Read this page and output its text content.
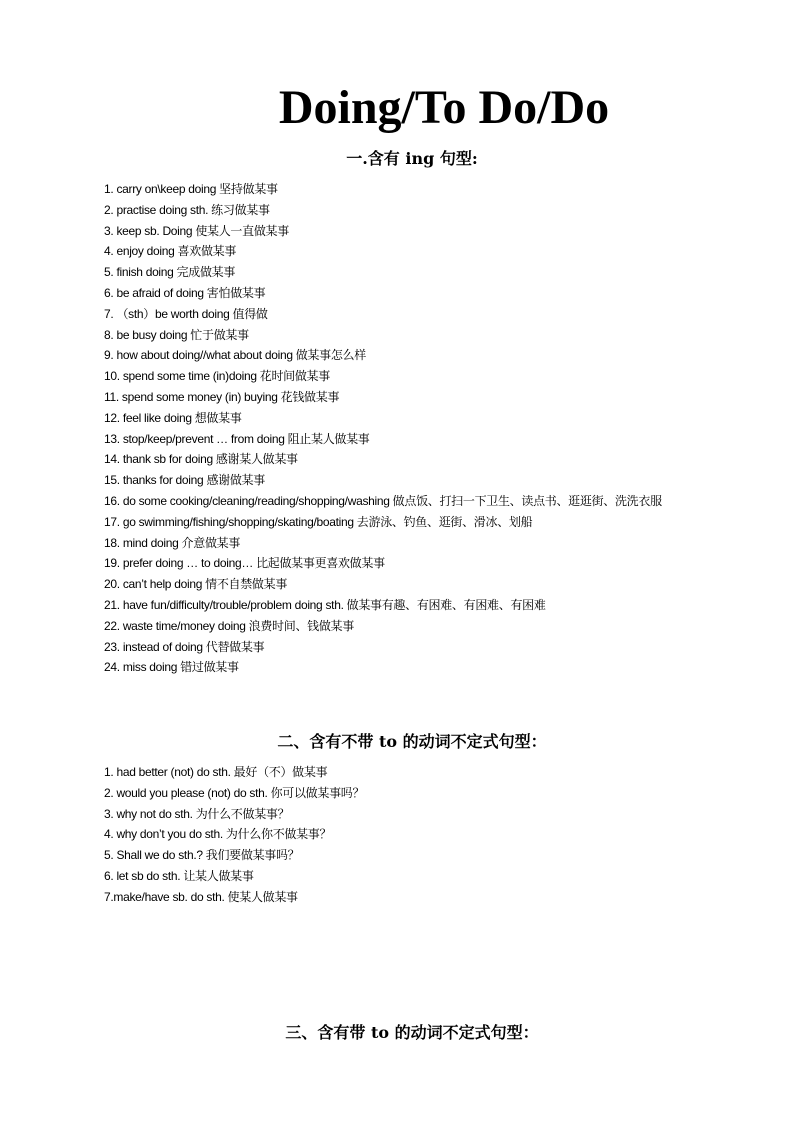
Doing/To Do/Do
一.含有 ing 句型:
1. carry on\keep doing 坚持做某事
2. practise doing sth. 练习做某事
3. keep sb. Doing 使某人一直做某事
4. enjoy doing 喜欢做某事
5. finish doing 完成做某事
6. be afraid of doing 害怕做某事
7. （sth）be worth doing 值得做
8. be busy doing 忙于做某事
9. how about doing//what about doing 做某事怎么样
10. spend some time (in)doing 花时间做某事
11. spend some money (in) buying 花钱做某事
12. feel like doing 想做某事
13. stop/keep/prevent … from doing 阻止某人做某事
14. thank sb for doing 感谢某人做某事
15. thanks for doing 感谢做某事
16. do some cooking/cleaning/reading/shopping/washing 做点饭、打扫一下卫生、读点书、逛逛街、洗洗衣服
17. go swimming/fishing/shopping/skating/boating 去游泳、钓鱼、逛街、滑冰、划船
18. mind doing 介意做某事
19. prefer doing … to doing… 比起做某事更喜欢做某事
20. can’t help doing 情不自禁做某事
21. have fun/difficulty/trouble/problem doing sth. 做某事有趣、有困难、有困难、有困难
22. waste time/money doing 浪费时间、钱做某事
23. instead of doing 代替做某事
24. miss doing 错过做某事
二、含有不带 to 的动词不定式句型：
1. had better (not) do sth. 最好（不）做某事
2. would you please (not) do sth. 你可以做某事吗？
3. why not do sth. 为什么不做某事？
4. why don’t you do sth. 为什么你不做某事？
5. Shall we do sth.? 我们要做某事吗？
6. let sb do sth. 让某人做某事
7.make/have sb. do sth. 使某人做某事
三、含有带 to 的动词不定式句型：
